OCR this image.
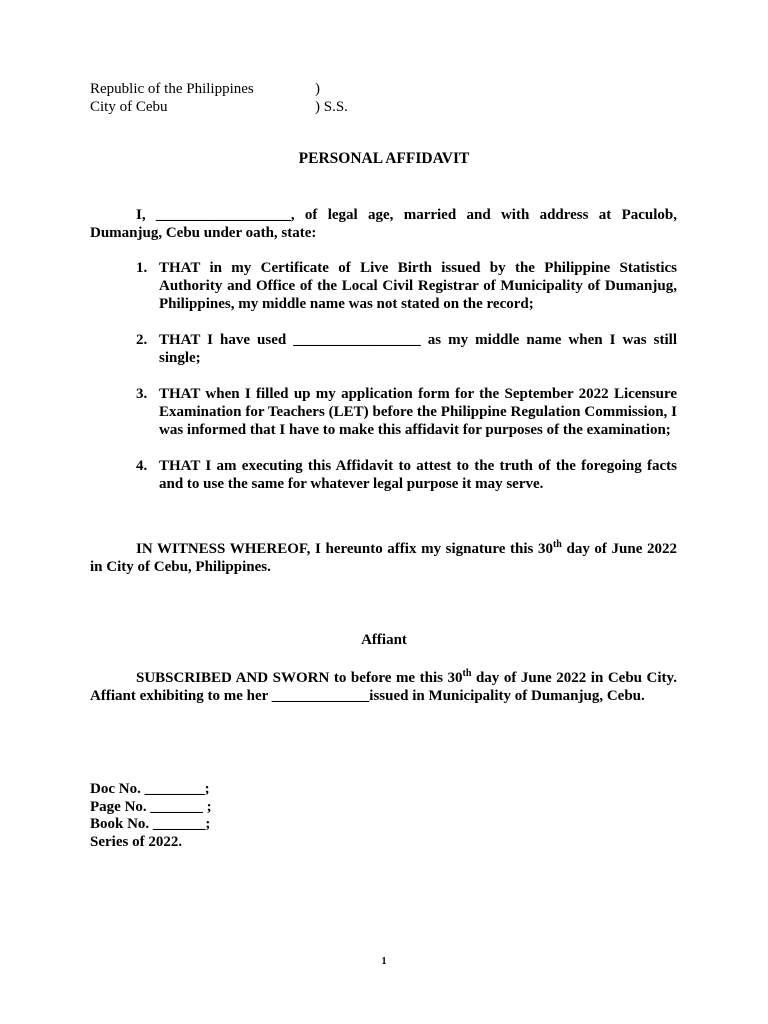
Republic of the Philippines	)
City of Cebu	) S.S.
PERSONAL AFFIDAVIT
I, __________________, of legal age, married and with address at Paculob, Dumanjug, Cebu under oath, state:
1. THAT in my Certificate of Live Birth issued by the Philippine Statistics Authority and Office of the Local Civil Registrar of Municipality of Dumanjug, Philippines, my middle name was not stated on the record;
2. THAT I have used _________________ as my middle name when I was still single;
3. THAT when I filled up my application form for the September 2022 Licensure Examination for Teachers (LET) before the Philippine Regulation Commission, I was informed that I have to make this affidavit for purposes of the examination;
4. THAT I am executing this Affidavit to attest to the truth of the foregoing facts and to use the same for whatever legal purpose it may serve.
IN WITNESS WHEREOF, I hereunto affix my signature this 30th day of June 2022 in City of Cebu, Philippines.
Affiant
SUBSCRIBED AND SWORN to before me this 30th day of June 2022 in Cebu City. Affiant exhibiting to me her _____________issued in Municipality of Dumanjug, Cebu.
Doc No. ________;
Page No. _______ ;
Book No. _______;
Series of 2022.
1
